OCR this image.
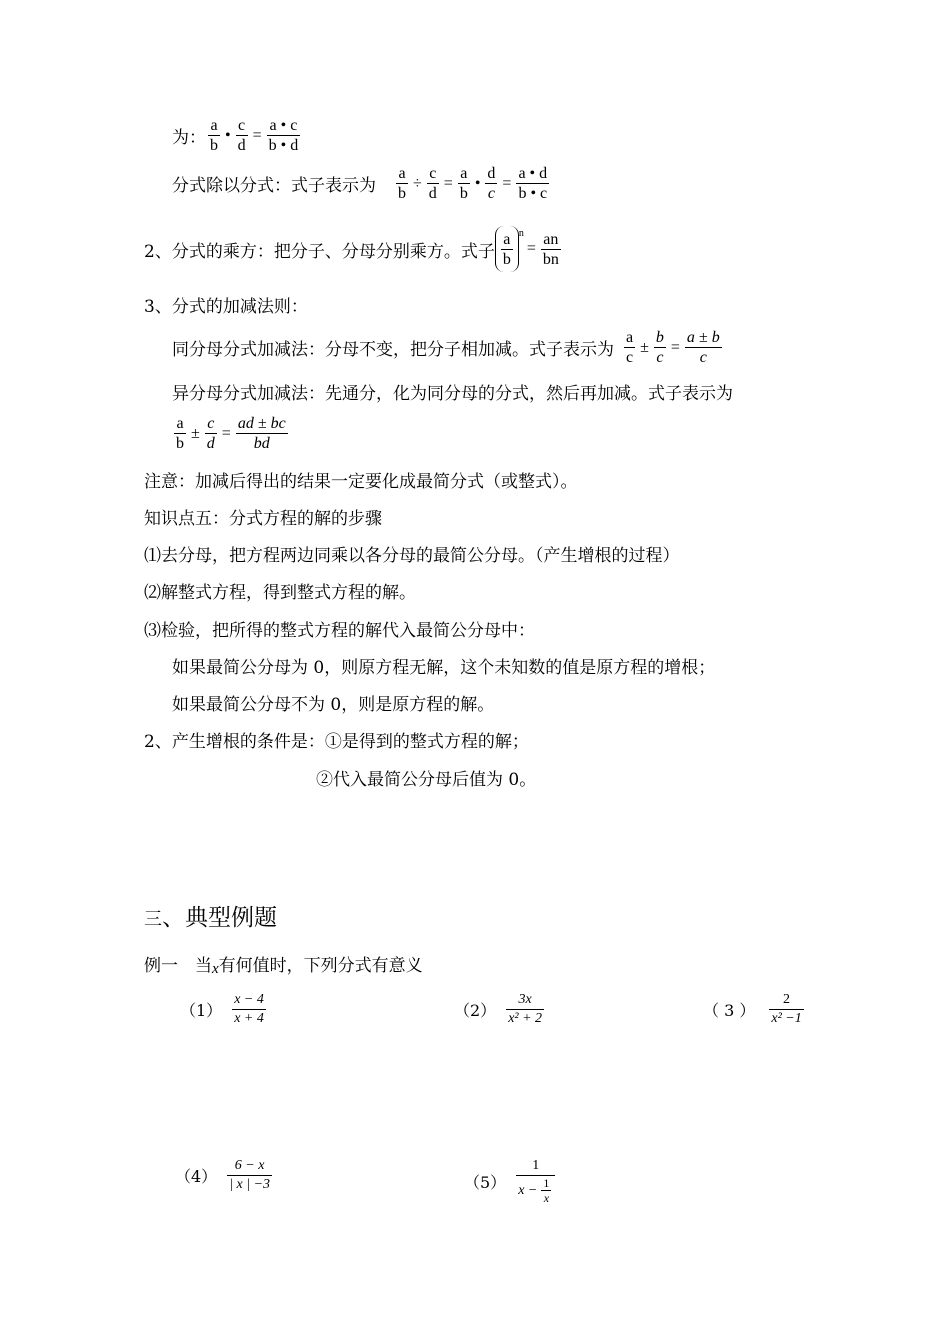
为： $\frac{a}{b}$ • $\frac{c}{d} = \frac{a • c}{b • d}$
分式除以分式：式子表示为 $\frac{a}{b} \div \frac{c}{d} = \frac{a}{b}$ • $\frac{d}{c} = \frac{a • d}{b • c}$
2、分式的乘方：把分子、分母分别乘方。式子 $\frac{a}{b}$ n
= $\frac{an}{bn}$
3、分式的加减法则：
同分母分式加减法：分母不变，把分子相加减。式子表示为 $\frac{a}{c} \pm \frac{b}{c} = \frac{a \pm b}{c}$
异分母分式加减法：先通分，化为同分母的分式，然后再加减。式子表示为
$\frac{a}{b} \pm \frac{c}{d} = \frac{ad \pm bc}{bd}$
注意：加减后得出的结果一定要化成最简分式（或整式）。
知识点五：分式方程的解的步骤
⑴去分母，把方程两边同乘以各分母的最简公分母。（产生增根的过程）
⑵解整式方程，得到整式方程的解。
⑶检验，把所得的整式方程的解代入最简公分母中：
如果最简公分母为 0，则原方程无解，这个未知数的值是原方程的增根；
如果最简公分母不为 0，则是原方程的解。
2、产生增根的条件是：①是得到的整式方程的解；
②代入最简公分母后值为 0。
三、典型例题
例一　当x有何值时，下列分式有意义
$(1) \frac{x - 4}{x + 4}$	$(2) \frac{3x}{\text{x² + 2}}$	（ 3 ） $\frac{2}{\text{x² −1}}$
$(4) \frac{6 - x}{| x | -3}$	$(5) \frac{1}{x - \frac{1}{x}}$
